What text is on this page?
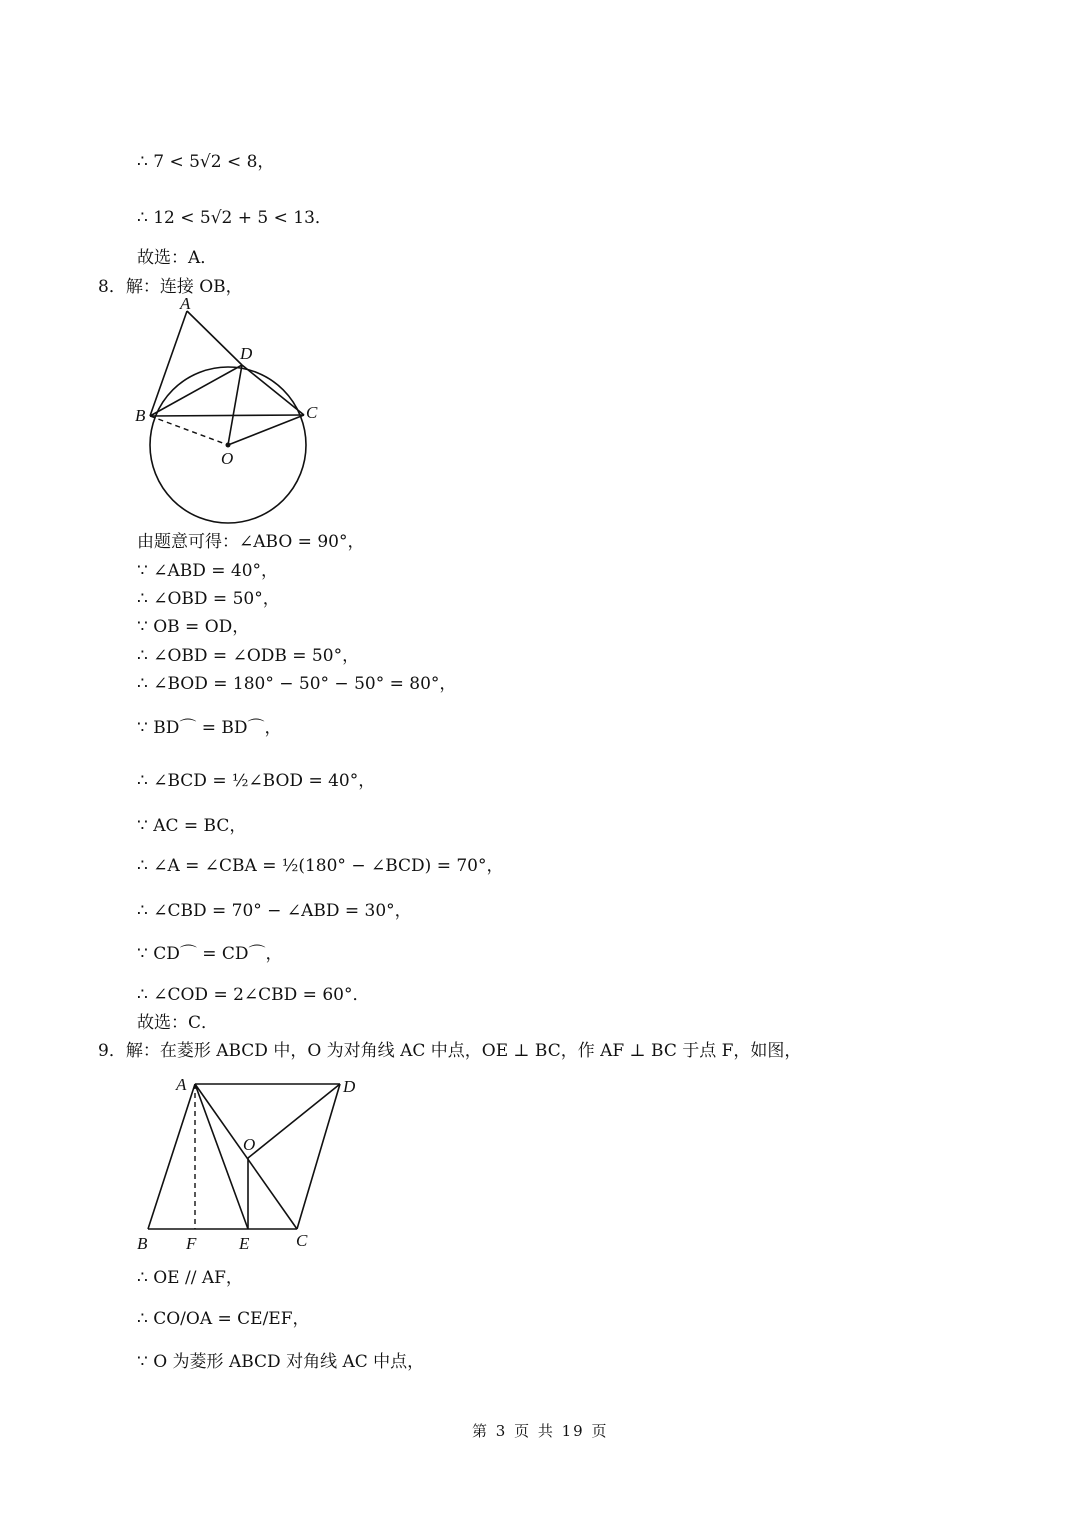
∴ 7 < 5√2 < 8，
∴ 12 < 5√2 + 5 < 13．
故选：A．
8．解：连接 OB，
A
D
B	C
O
由题意可得：∠ABO = 90°，
∵ ∠ABD = 40°，
∴ ∠OBD = 50°，
∵ OB = OD，
∴ ∠OBD = ∠ODB = 50°，
∴ ∠BOD = 180° − 50° − 50° = 80°，
∵ BD⌒ = BD⌒，
∴ ∠BCD = ½∠BOD = 40°，
∵ AC = BC，
∴ ∠A = ∠CBA = ½(180° − ∠BCD) = 70°，
∴ ∠CBD = 70° − ∠ABD = 30°，
∵ CD⌒ = CD⌒，
∴ ∠COD = 2∠CBD = 60°．
故选：C．
9．解：在菱形 ABCD 中，O 为对角线 AC 中点，OE ⊥ BC，作 AF ⊥ BC 于点 F，如图，
A	D
O
B F	E	C
∴ OE // AF，
∴ CO/OA = CE/EF，
∵ O 为菱形 ABCD 对角线 AC 中点，
第 3 页 共 19 页
